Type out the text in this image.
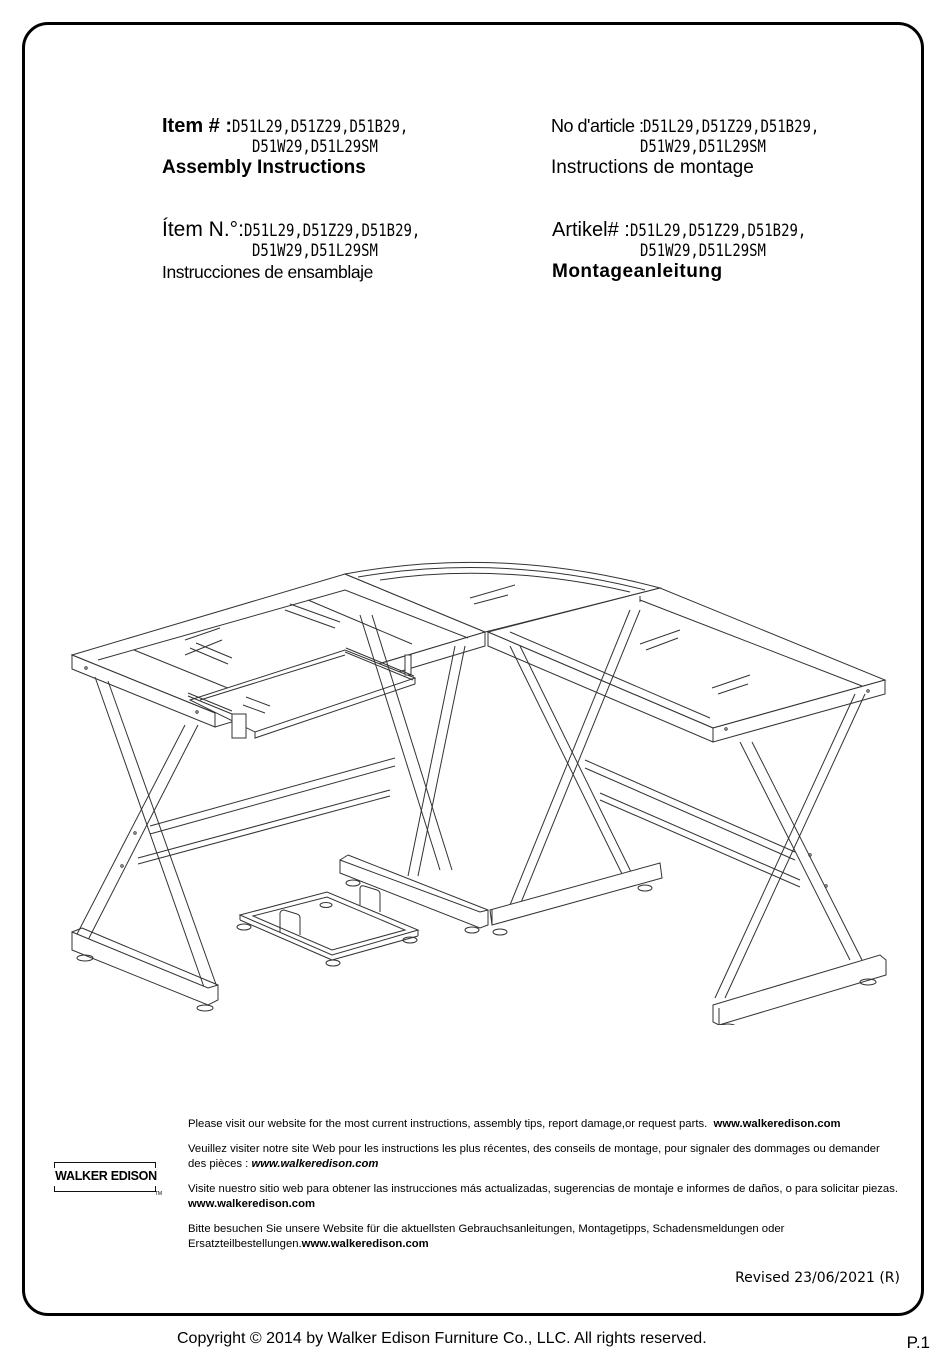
Item # :D51L29,D51Z29,D51B29,
D51W29,D51L29SM
Assembly Instructions
No d'article :D51L29,D51Z29,D51B29,
D51W29,D51L29SM
Instructions de montage
Ítem N.°:D51L29,D51Z29,D51B29,
D51W29,D51L29SM
Instrucciones de ensamblaje
Artikel# :D51L29,D51Z29,D51B29,
D51W29,D51L29SM
Montageanleitung
WALKER EDISON
TM

Please visit our website for the most current instructions, assembly tips, report damage,or request parts. www.walkeredison.com

Veuillez visiter notre site Web pour les instructions les plus récentes, des conseils de montage, pour signaler des dommages ou demander des pièces : www.walkeredison.com

Visite nuestro sitio web para obtener las instrucciones más actualizadas, sugerencias de montaje e informes de daños, o para solicitar piezas. www.walkeredison.com

Bitte besuchen Sie unsere Website für die aktuellsten Gebrauchsanleitungen, Montagetipps, Schadensmeldungen oder Ersatzteilbestellungen.www.walkeredison.com

Revised 23/06/2021 (R)
Copyright © 2014 by Walker Edison Furniture Co., LLC. All rights reserved.	P.1
